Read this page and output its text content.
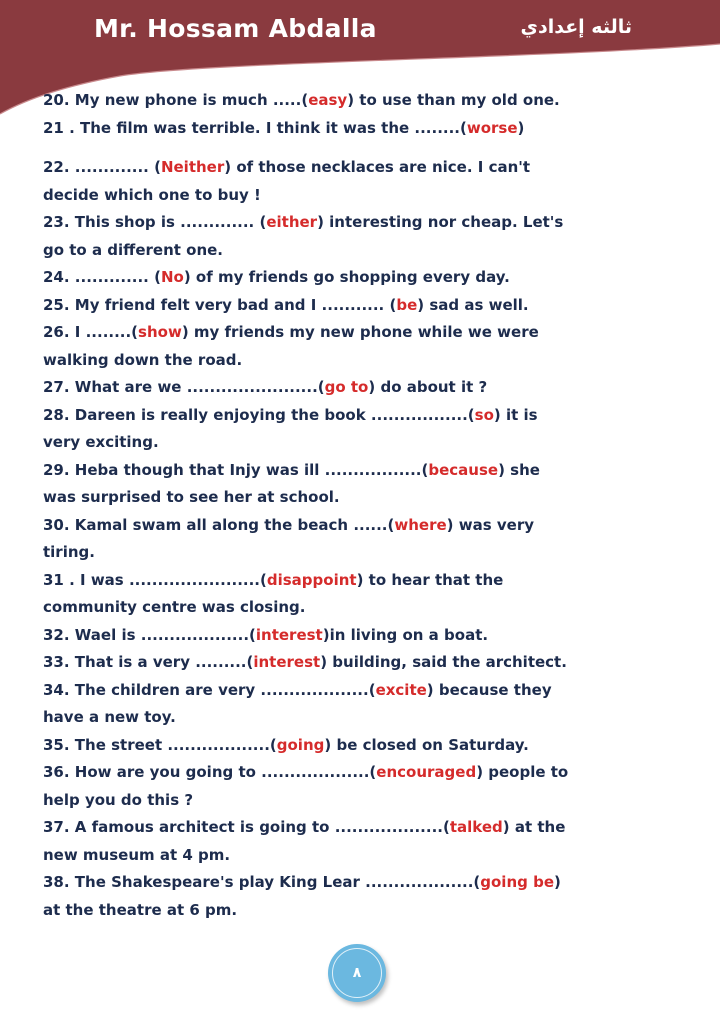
Mr. Hossam Abdalla	ثالثه إعدادي

20. My new phone is much .....(easy) to use than my old one.

21 . The film was terrible. I think it was the ........(worse)

22. ............. (Neither) of those necklaces are nice. I can't

decide which one to buy !

23. This shop is ............. (either) interesting nor cheap. Let's

go to a different one.

24. ............. (No) of my friends go shopping every day.

25. My friend felt very bad and I ........... (be) sad as well.

26. I ........(show) my friends my new phone while we were

walking down the road.

27. What are we .......................(go to) do about it ?

28. Dareen is really enjoying the book .................(so) it is

very exciting.

29. Heba though that Injy was ill .................(because) she

was surprised to see her at school.

30. Kamal swam all along the beach ......(where) was very

tiring.

31 . I was .......................(disappoint) to hear that the

community centre was closing.

32. Wael is ...................(interest)in living on a boat.

33. That is a very .........(interest) building, said the architect.

34. The children are very ...................(excite) because they

have a new toy.

35. The street ..................(going) be closed on Saturday.

36. How are you going to ...................(encouraged) people to

help you do this ?

37. A famous architect is going to ...................(talked) at the

new museum at 4 pm.

38. The Shakespeare's play King Lear ...................(going be)

at the theatre at 6 pm.

٨
